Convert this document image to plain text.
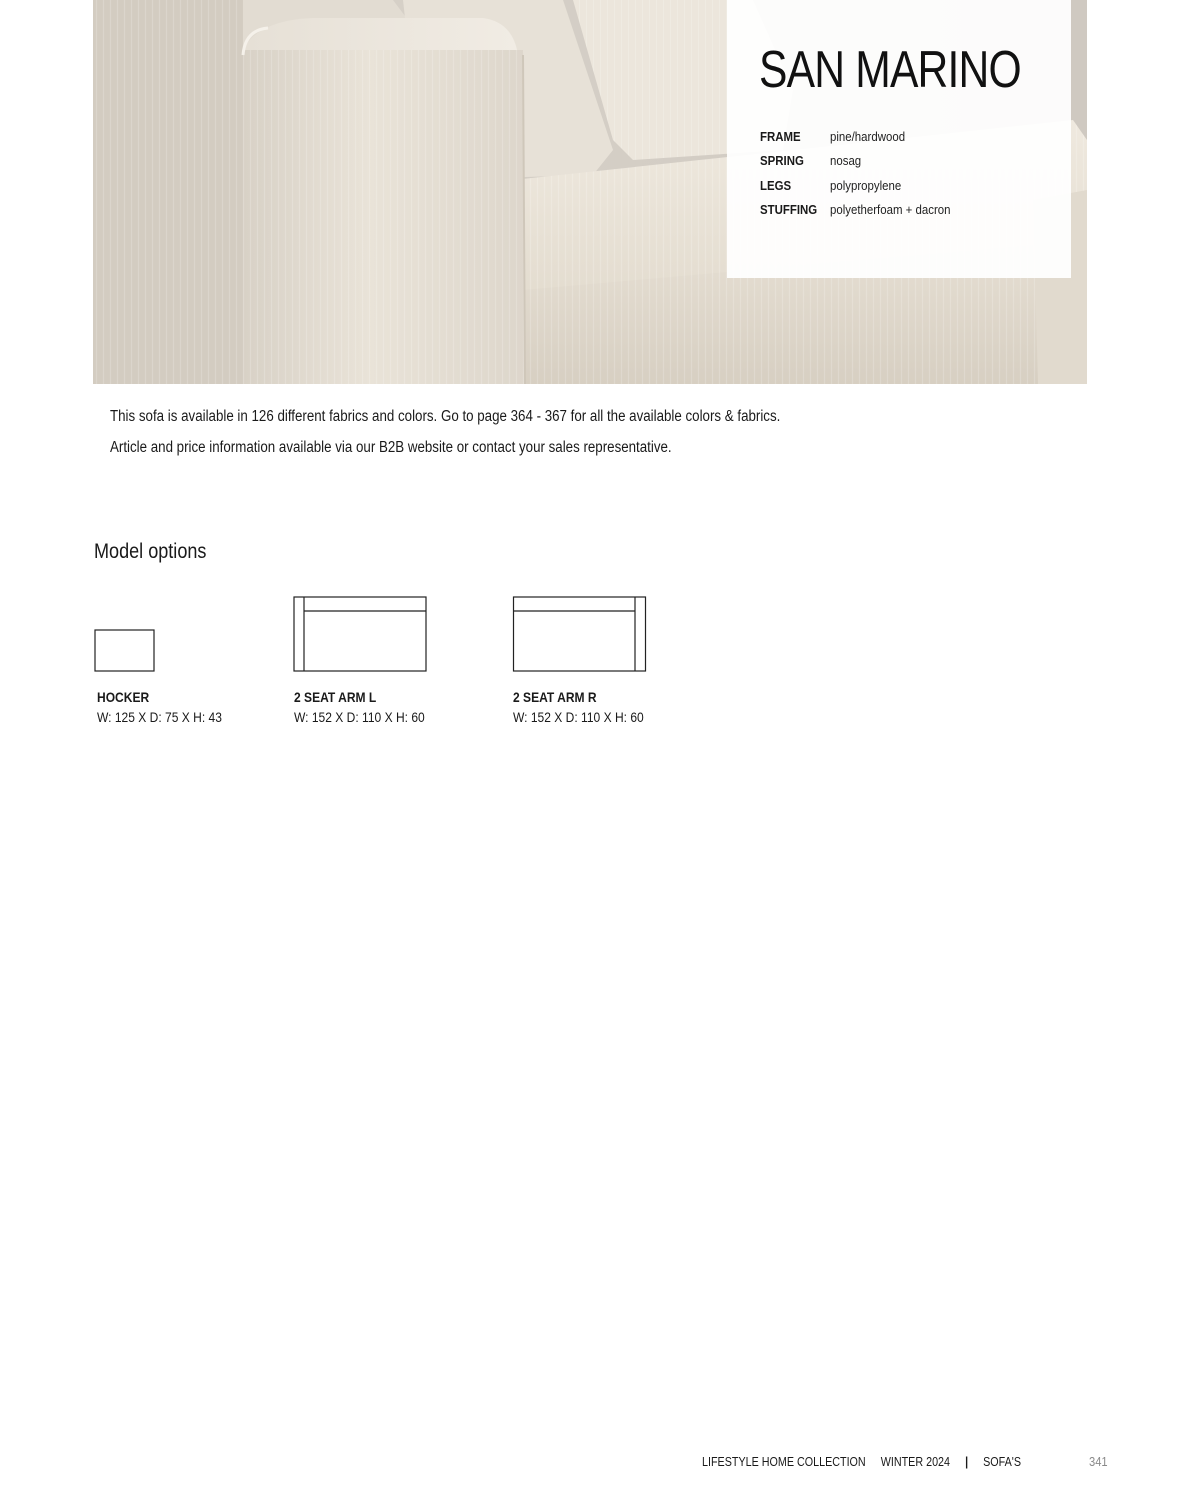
SAN MARINO
FRAME	pine/hardwood
SPRING	nosag
LEGS	polypropylene
STUFFING polyetherfoam + dacron

This sofa is available in 126 different fabrics and colors. Go to page 364 - 367 for all the available colors & fabrics.

Article and price information available via our B2B website or contact your sales representative.

Model options
HOCKER
W: 125 X D: 75 X H: 43
2 SEAT ARM L
W: 152 X D: 110 X H: 60
2 SEAT ARM R
W: 152 X D: 110 X H: 60
LIFESTYLE HOME COLLECTION WINTER 2024 | SOFA'S	341
